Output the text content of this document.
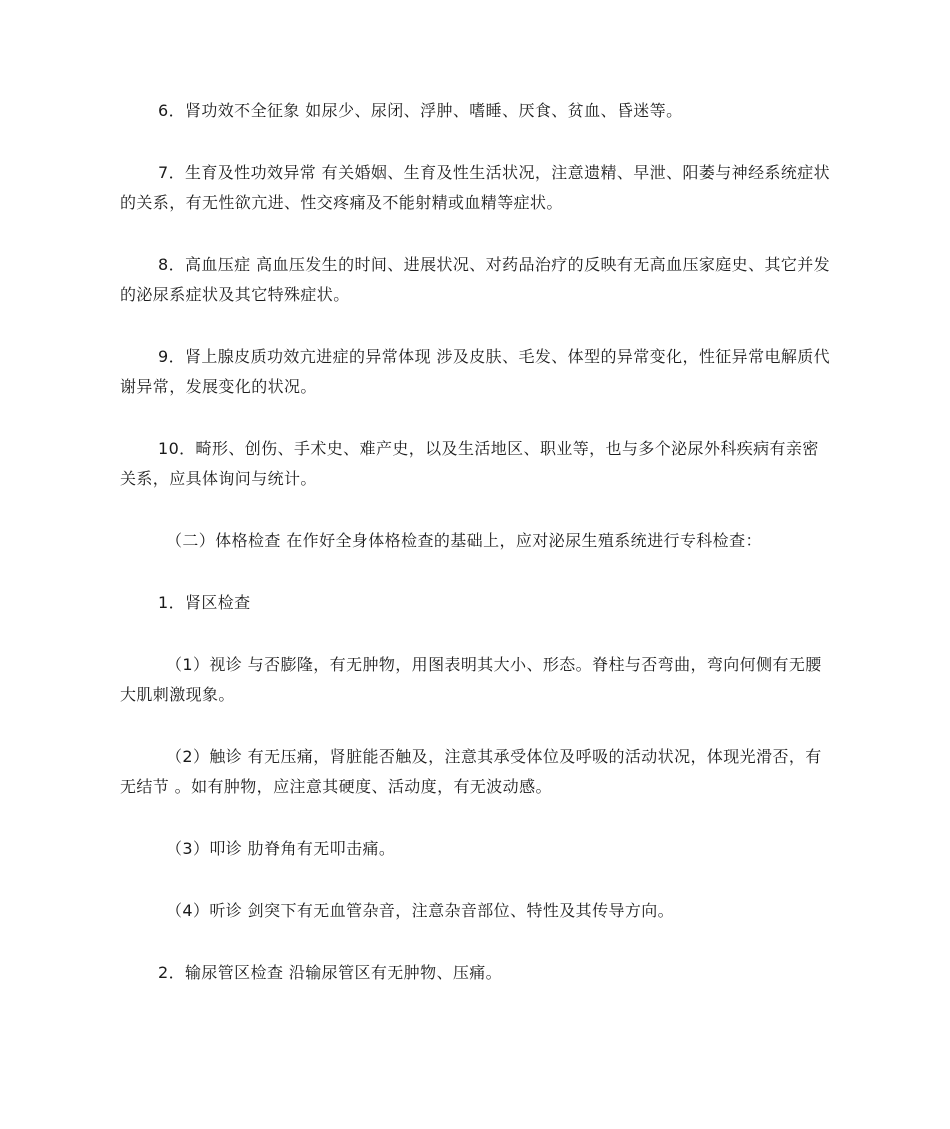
6．肾功效不全征象 如尿少、尿闭、浮肿、嗜睡、厌食、贫血、昏迷等。

7．生育及性功效异常 有关婚姻、生育及性生活状况，注意遗精、早泄、阳萎与神经系统症状的关系，有无性欲亢进、性交疼痛及不能射精或血精等症状。

8．高血压症 高血压发生的时间、进展状况、对药品治疗的反映有无高血压家庭史、其它并发的泌尿系症状及其它特殊症状。

9．肾上腺皮质功效亢进症的异常体现 涉及皮肤、毛发、体型的异常变化，性征异常电解质代谢异常，发展变化的状况。

10．畸形、创伤、手术史、难产史，以及生活地区、职业等，也与多个泌尿外科疾病有亲密关系，应具体询问与统计。

（二）体格检查 在作好全身体格检查的基础上，应对泌尿生殖系统进行专科检查：

1．肾区检查

（1）视诊 与否膨隆，有无肿物，用图表明其大小、形态。脊柱与否弯曲，弯向何侧有无腰大肌刺激现象。

（2）触诊 有无压痛，肾脏能否触及，注意其承受体位及呼吸的活动状况，体现光滑否，有无结节 。如有肿物，应注意其硬度、活动度，有无波动感。

（3）叩诊 肋脊角有无叩击痛。

（4）听诊 剑突下有无血管杂音，注意杂音部位、特性及其传导方向。

2．输尿管区检查 沿输尿管区有无肿物、压痛。
